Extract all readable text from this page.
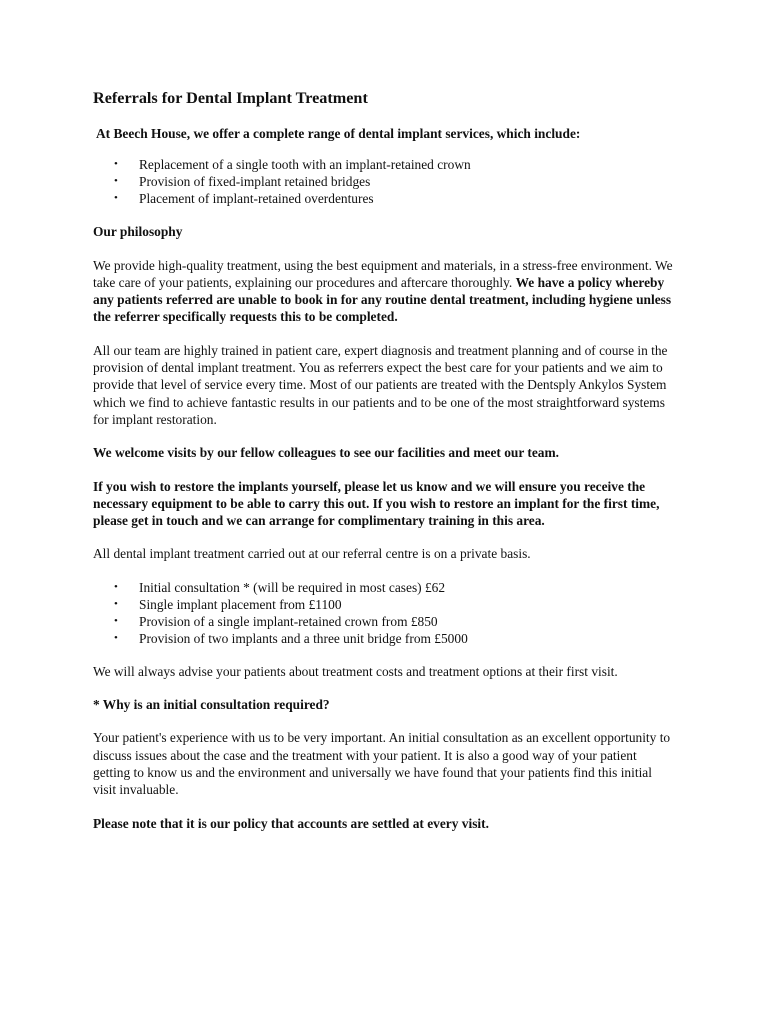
Referrals for Dental Implant Treatment

At Beech House, we offer a complete range of dental implant services, which include:

• Replacement of a single tooth with an implant-retained crown
• Provision of fixed-implant retained bridges
• Placement of implant-retained overdentures

Our philosophy

We provide high-quality treatment, using the best equipment and materials, in a stress-free environment. We take care of your patients, explaining our procedures and aftercare thoroughly. We have a policy whereby any patients referred are unable to book in for any routine dental treatment, including hygiene unless the referrer specifically requests this to be completed.

All our team are highly trained in patient care, expert diagnosis and treatment planning and of course in the provision of dental implant treatment. You as referrers expect the best care for your patients and we aim to provide that level of service every time. Most of our patients are treated with the Dentsply Ankylos System which we find to achieve fantastic results in our patients and to be one of the most straightforward systems for implant restoration.

We welcome visits by our fellow colleagues to see our facilities and meet our team.

If you wish to restore the implants yourself, please let us know and we will ensure you receive the necessary equipment to be able to carry this out. If you wish to restore an implant for the first time, please get in touch and we can arrange for complimentary training in this area.

All dental implant treatment carried out at our referral centre is on a private basis.

• Initial consultation * (will be required in most cases) £62
• Single implant placement from £1100
• Provision of a single implant-retained crown from £850
• Provision of two implants and a three unit bridge from £5000

We will always advise your patients about treatment costs and treatment options at their first visit.

* Why is an initial consultation required?

Your patient's experience with us to be very important. An initial consultation as an excellent opportunity to discuss issues about the case and the treatment with your patient. It is also a good way of your patient getting to know us and the environment and universally we have found that your patients find this initial visit invaluable.

Please note that it is our policy that accounts are settled at every visit.
